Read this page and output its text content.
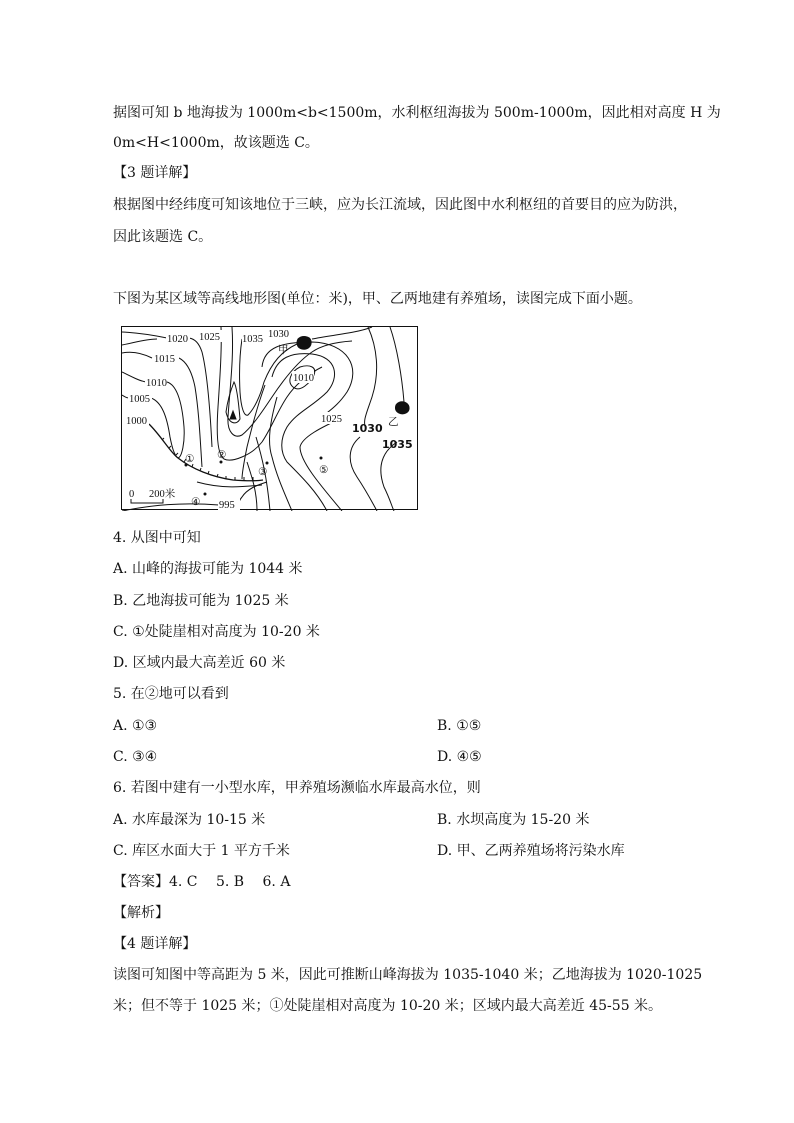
据图可知 b 地海拔为 1000m<b<1500m，水利枢纽海拔为 500m-1000m，因此相对高度 H 为
0m<H<1000m，故该题选 C。
【3 题详解】
根据图中经纬度可知该地位于三峡，应为长江流域，因此图中水利枢纽的首要目的应为防洪，
因此该题选 C。
下图为某区域等高线地形图(单位：米)，甲、乙两地建有养殖场，读图完成下面小题。
1020 1025 1035 1030
1015
1010
1005
1000
1010
1025
995
1030
1035
甲
乙
① ②
③
④
⑤
0 200米
4. 从图中可知
A. 山峰的海拔可能为 1044 米
B. 乙地海拔可能为 1025 米
C. ①处陡崖相对高度为 10-20 米
D. 区域内最大高差近 60 米
5. 在②地可以看到
A. ①③	B. ①⑤
C. ③④	D. ④⑤
6. 若图中建有一小型水库，甲养殖场濒临水库最高水位，则
A. 水库最深为 10-15 米	B. 水坝高度为 15-20 米
C. 库区水面大于 1 平方千米	D. 甲、乙两养殖场将污染水库
【答案】4. C　 5. B　 6. A
【解析】
【4 题详解】
读图可知图中等高距为 5 米，因此可推断山峰海拔为 1035-1040 米；乙地海拔为 1020-1025
米；但不等于 1025 米；①处陡崖相对高度为 10-20 米；区域内最大高差近 45-55 米。
